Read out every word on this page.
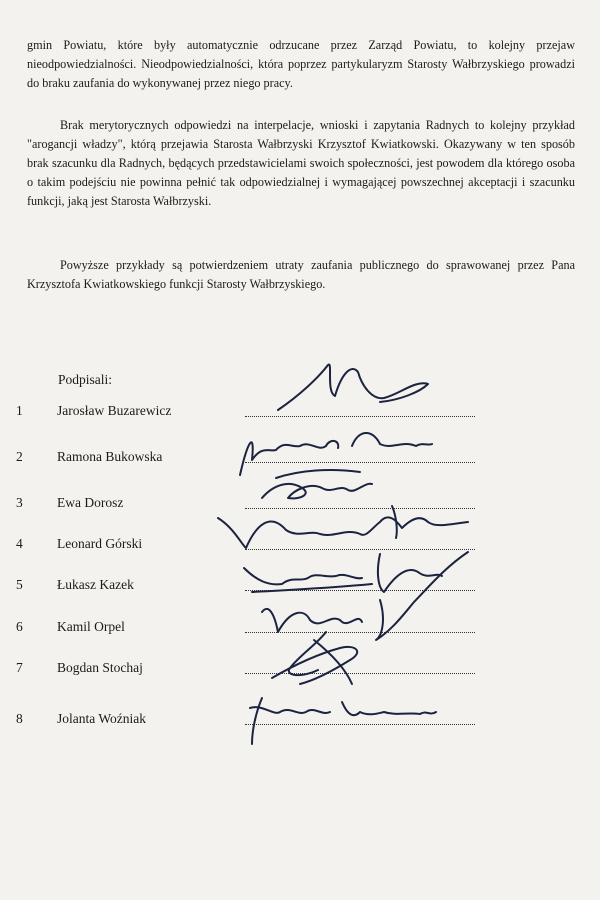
gmin Powiatu, które były automatycznie odrzucane przez Zarząd Powiatu, to kolejny przejaw nieodpowiedzialności. Nieodpowiedzialności, która poprzez partykularyzm Starosty Wałbrzyskiego prowadzi do braku zaufania do wykonywanej przez niego pracy.

Brak merytorycznych odpowiedzi na interpelacje, wnioski i zapytania Radnych to kolejny przykład "arogancji władzy", którą przejawia Starosta Wałbrzyski Krzysztof Kwiatkowski. Okazywany w ten sposób brak szacunku dla Radnych, będących przedstawicielami swoich społeczności, jest powodem dla którego osoba o takim podejściu nie powinna pełnić tak odpowiedzialnej i wymagającej powszechnej akceptacji i szacunku funkcji, jaką jest Starosta Wałbrzyski.

Powyższe przykłady są potwierdzeniem utraty zaufania publicznego do sprawowanej przez Pana Krzysztofa Kwiatkowskiego funkcji Starosty Wałbrzyskiego.

Podpisali:

1	Jarosław Buzarewicz
2	Ramona Bukowska
3	Ewa Dorosz
4	Leonard Górski
5	Łukasz Kazek
6	Kamil Orpel
7	Bogdan Stochaj
8	Jolanta Woźniak
